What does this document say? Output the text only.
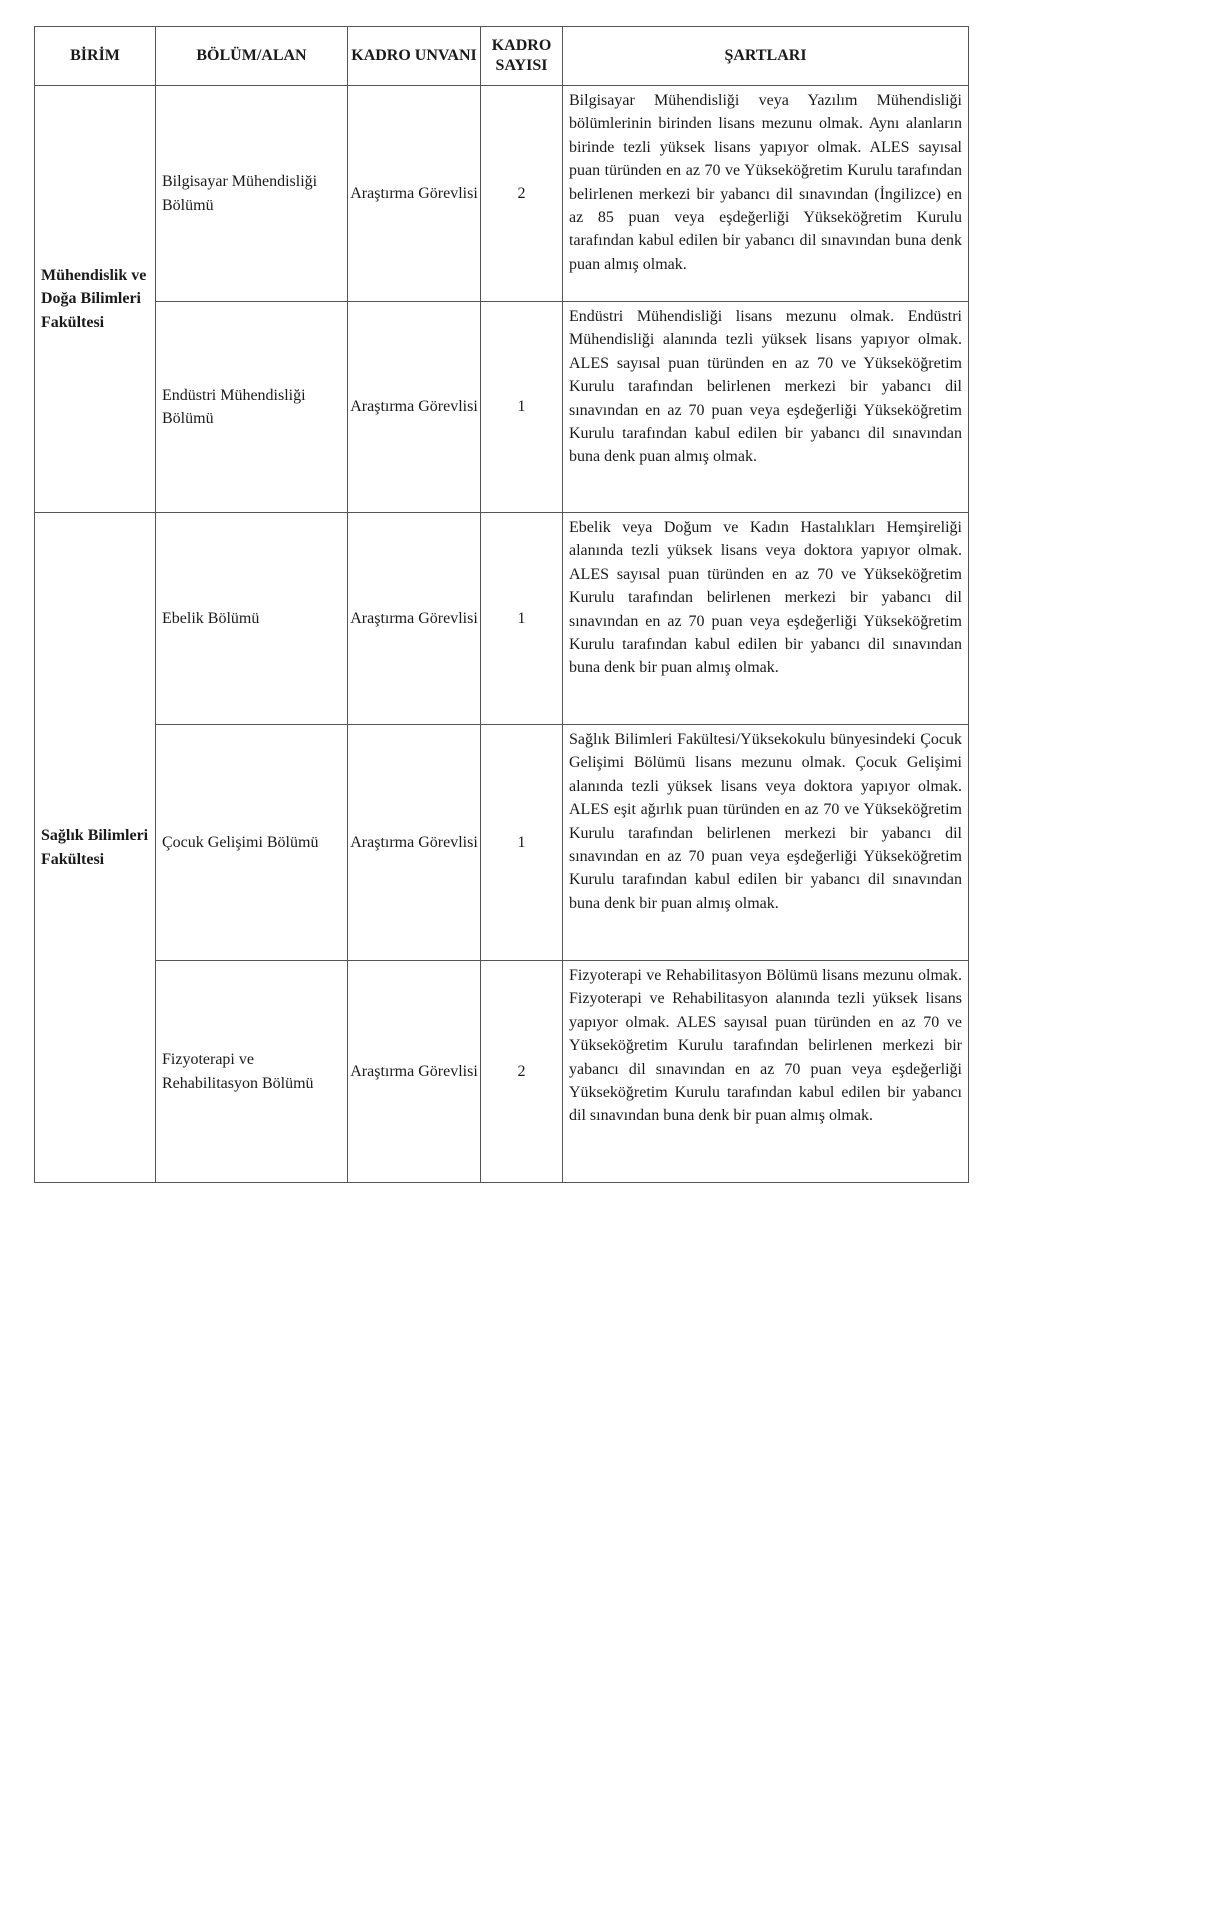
BİRİM	BÖLÜM/ALAN	KADRO UNVANI	KADRO SAYISI	ŞARTLARI
Mühendislik ve Doğa Bilimleri Fakültesi	Bilgisayar Mühendisliği Bölümü	Araştırma Görevlisi	2	Bilgisayar Mühendisliği veya Yazılım Mühendisliği bölümlerinin birinden lisans mezunu olmak. Aynı alanların birinde tezli yüksek lisans yapıyor olmak. ALES sayısal puan türünden en az 70 ve Yükseköğretim Kurulu tarafından belirlenen merkezi bir yabancı dil sınavından (İngilizce) en az 85 puan veya eşdeğerliği Yükseköğretim Kurulu tarafından kabul edilen bir yabancı dil sınavından buna denk puan almış olmak.
	Endüstri Mühendisliği Bölümü	Araştırma Görevlisi	1	Endüstri Mühendisliği lisans mezunu olmak. Endüstri Mühendisliği alanında tezli yüksek lisans yapıyor olmak. ALES sayısal puan türünden en az 70 ve Yükseköğretim Kurulu tarafından belirlenen merkezi bir yabancı dil sınavından en az 70 puan veya eşdeğerliği Yükseköğretim Kurulu tarafından kabul edilen bir yabancı dil sınavından buna denk puan almış olmak.
Sağlık Bilimleri Fakültesi	Ebelik Bölümü	Araştırma Görevlisi	1	Ebelik veya Doğum ve Kadın Hastalıkları Hemşireliği alanında tezli yüksek lisans veya doktora yapıyor olmak. ALES sayısal puan türünden en az 70 ve Yükseköğretim Kurulu tarafından belirlenen merkezi bir yabancı dil sınavından en az 70 puan veya eşdeğerliği Yükseköğretim Kurulu tarafından kabul edilen bir yabancı dil sınavından buna denk bir puan almış olmak.
	Çocuk Gelişimi Bölümü	Araştırma Görevlisi	1	Sağlık Bilimleri Fakültesi/Yüksekokulu bünyesindeki Çocuk Gelişimi Bölümü lisans mezunu olmak. Çocuk Gelişimi alanında tezli yüksek lisans veya doktora yapıyor olmak. ALES eşit ağırlık puan türünden en az 70 ve Yükseköğretim Kurulu tarafından belirlenen merkezi bir yabancı dil sınavından en az 70 puan veya eşdeğerliği Yükseköğretim Kurulu tarafından kabul edilen bir yabancı dil sınavından buna denk bir puan almış olmak.
	Fizyoterapi ve Rehabilitasyon Bölümü	Araştırma Görevlisi	2	Fizyoterapi ve Rehabilitasyon Bölümü lisans mezunu olmak. Fizyoterapi ve Rehabilitasyon alanında tezli yüksek lisans yapıyor olmak. ALES sayısal puan türünden en az 70 ve Yükseköğretim Kurulu tarafından belirlenen merkezi bir yabancı dil sınavından en az 70 puan veya eşdeğerliği Yükseköğretim Kurulu tarafından kabul edilen bir yabancı dil sınavından buna denk bir puan almış olmak.
